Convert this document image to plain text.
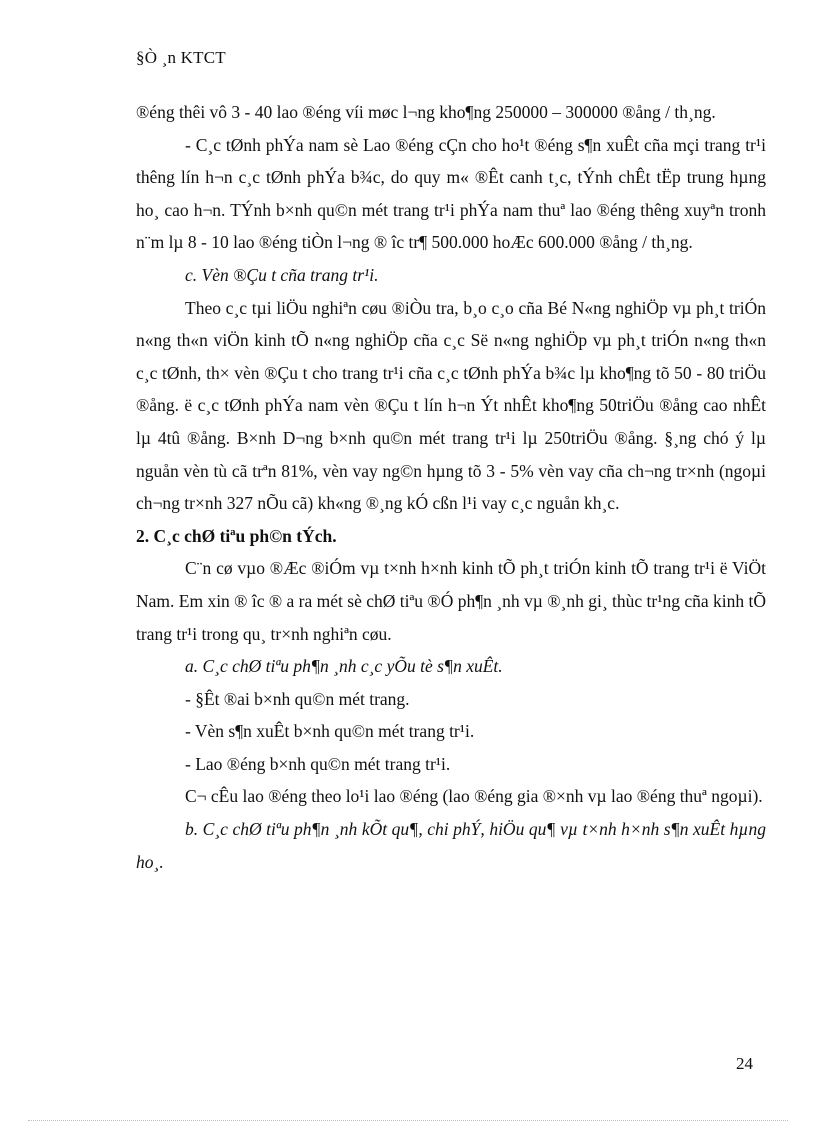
§Ò ¸n KTCT

®éng thêi vô 3 - 40 lao ®éng víi møc l¬ng kho¶ng 250000 – 300000 ®ång / th¸ng.

- C¸c tØnh phÝa nam sè Lao ®éng cÇn cho ho¹t ®éng s¶n xuÊt cña mçi trang tr¹i thêng lín h¬n c¸c tØnh phÝa b¾c, do quy m« ®Êt canh t¸c, tÝnh chÊt tËp trung hµng ho¸ cao h¬n. TÝnh b×nh qu©n mét trang tr¹i phÝa nam thuª lao ®éng thêng xuyªn tronh n¨m lµ 8 - 10 lao ®éng tiÒn l¬ng ® îc tr¶ 500.000 hoÆc 600.000 ®ång / th¸ng.

c. Vèn ®Çu t cña trang tr¹i.

Theo c¸c tµi liÖu nghiªn cøu ®iÒu tra, b¸o c¸o cña Bé N«ng nghiÖp vµ ph¸t triÓn n«ng th«n viÖn kinh tÕ n«ng nghiÖp cña c¸c Së n«ng nghiÖp vµ ph¸t triÓn n«ng th«n c¸c tØnh, th× vèn ®Çu t cho trang tr¹i cña c¸c tØnh phÝa b¾c lµ kho¶ng tõ 50 - 80 triÖu ®ång. ë c¸c tØnh phÝa nam vèn ®Çu t lín h¬n Ýt nhÊt kho¶ng 50triÖu ®ång cao nhÊt lµ 4tû ®ång. B×nh D¬ng b×nh qu©n mét trang tr¹i lµ 250triÖu ®ång. §¸ng chó ý lµ nguån vèn tù cã trªn 81%, vèn vay ng©n hµng tõ 3 - 5% vèn vay cña ch¬ng tr×nh (ngoµi ch¬ng tr×nh 327 nÕu cã) kh«ng ®¸ng kÓ cßn l¹i vay c¸c nguån kh¸c.

2. C¸c chØ tiªu ph©n tÝch.

C¨n cø vµo ®Æc ®iÓm vµ t×nh h×nh kinh tÕ ph¸t triÓn kinh tÕ trang tr¹i ë ViÖt Nam. Em xin ® îc ® a ra mét sè chØ tiªu ®Ó ph¶n ¸nh vµ ®¸nh gi¸ thùc tr¹ng cña kinh tÕ trang tr¹i trong qu¸ tr×nh nghiªn cøu.

a. C¸c chØ tiªu ph¶n ¸nh c¸c yÕu tè s¶n xuÊt.

- §Êt ®ai b×nh qu©n mét trang.

- Vèn s¶n xuÊt b×nh qu©n mét trang tr¹i.

- Lao ®éng b×nh qu©n mét trang tr¹i.

C¬ cÊu lao ®éng theo lo¹i lao ®éng (lao ®éng gia ®×nh vµ lao ®éng thuª ngoµi).

b. C¸c chØ tiªu ph¶n ¸nh kÕt qu¶, chi phÝ, hiÖu qu¶ vµ t×nh h×nh s¶n xuÊt hµng ho¸.

24
